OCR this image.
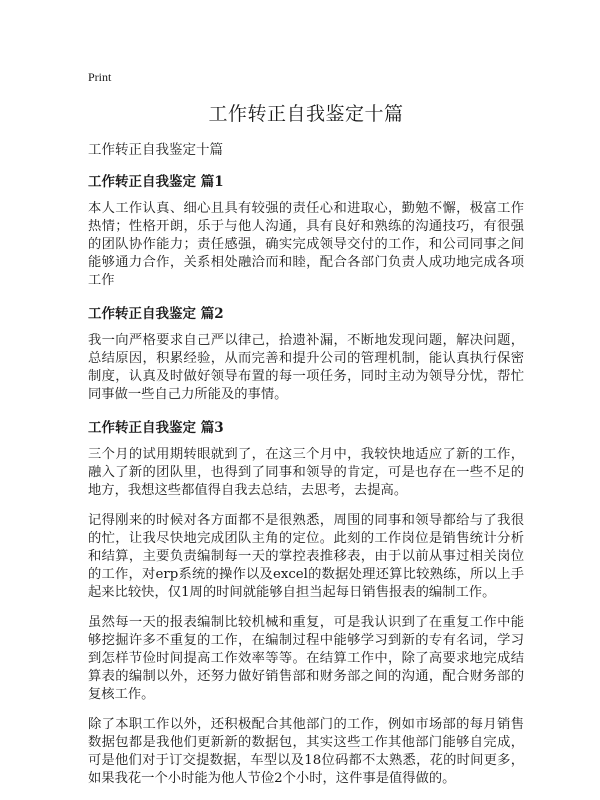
Print
工作转正自我鉴定十篇
工作转正自我鉴定十篇
工作转正自我鉴定 篇1

本人工作认真、细心且具有较强的责任心和进取心，勤勉不懈，极富工作热情；性格开朗，乐于与他人沟通，具有良好和熟练的沟通技巧，有很强的团队协作能力；责任感强，确实完成领导交付的工作，和公司同事之间能够通力合作，关系相处融洽而和睦，配合各部门负责人成功地完成各项工作

工作转正自我鉴定 篇2

我一向严格要求自己严以律己，拾遗补漏，不断地发现问题，解决问题，总结原因，积累经验，从而完善和提升公司的管理机制，能认真执行保密制度，认真及时做好领导布置的每一项任务，同时主动为领导分忧，帮忙同事做一些自己力所能及的事情。

工作转正自我鉴定 篇3

三个月的试用期转眼就到了，在这三个月中，我较快地适应了新的工作，融入了新的团队里，也得到了同事和领导的肯定，可是也存在一些不足的地方，我想这些都值得自我去总结，去思考，去提高。

记得刚来的时候对各方面都不是很熟悉，周围的同事和领导都给与了我很的忙，让我尽快地完成团队主角的定位。此刻的工作岗位是销售统计分析和结算，主要负责编制每一天的掌控表推移表，由于以前从事过相关岗位的工作，对erp系统的操作以及excel的数据处理还算比较熟练，所以上手起来比较快，仅1周的时间就能够自担当起每日销售报表的编制工作。

虽然每一天的报表编制比较机械和重复，可是我认识到了在重复工作中能够挖掘许多不重复的工作，在编制过程中能够学习到新的专有名词，学习到怎样节俭时间提高工作效率等等。在结算工作中，除了高要求地完成结算表的编制以外，还努力做好销售部和财务部之间的沟通，配合财务部的复核工作。

除了本职工作以外，还积极配合其他部门的工作，例如市场部的每月销售数据包都是我他们更新新的数据包，其实这些工作其他部门能够自完成，可是他们对于订交提数据，车型以及18位码都不太熟悉，花的时间更多，如果我花一个小时能为他人节俭2个小时，这件事是值得做的。
